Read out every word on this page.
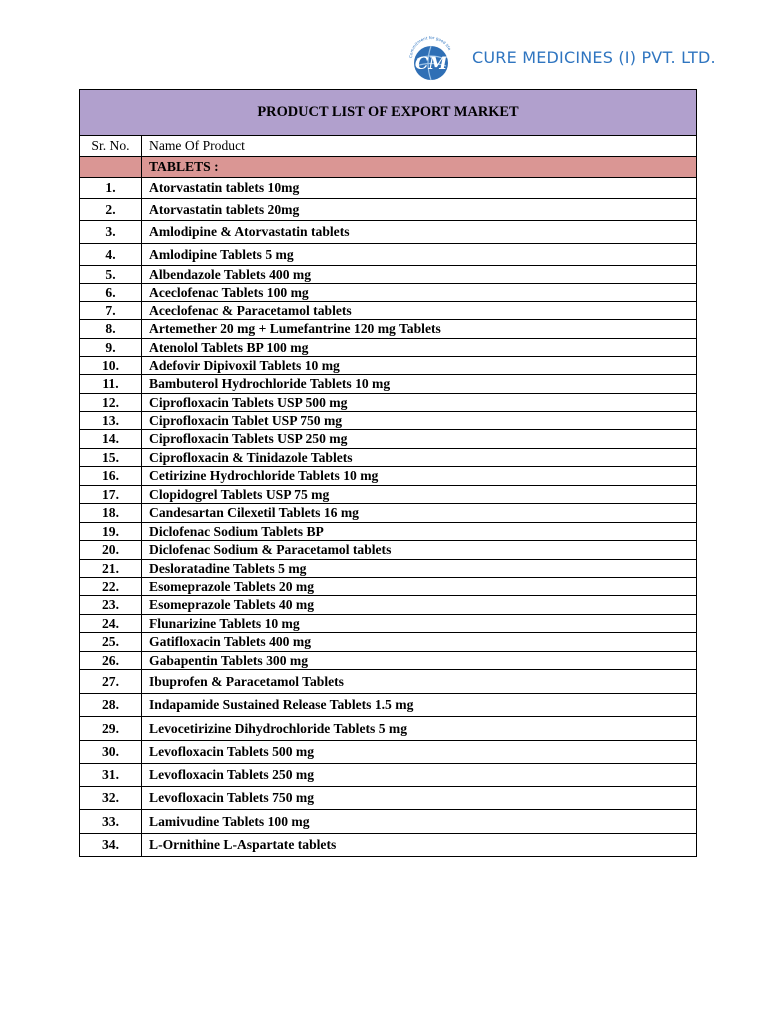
Commitment for good life
CM CURE MEDICINES (I) PVT. LTD.
PRODUCT LIST OF EXPORT MARKET	
Sr. No.	Name Of Product
	TABLETS :
1.	Atorvastatin tablets 10mg
2.	Atorvastatin tablets 20mg
3.	Amlodipine & Atorvastatin tablets
4.	Amlodipine Tablets 5 mg
5.	Albendazole Tablets 400 mg
6.	Aceclofenac Tablets 100 mg
7.	Aceclofenac & Paracetamol tablets
8.	Artemether 20 mg + Lumefantrine 120 mg Tablets
9.	Atenolol Tablets BP 100 mg
10.	Adefovir Dipivoxil Tablets 10 mg
11.	Bambuterol Hydrochloride Tablets 10 mg
12.	Ciprofloxacin Tablets USP 500 mg
13.	Ciprofloxacin Tablet USP 750 mg
14.	Ciprofloxacin Tablets USP 250 mg
15.	Ciprofloxacin & Tinidazole Tablets
16.	Cetirizine Hydrochloride Tablets 10 mg
17.	Clopidogrel Tablets USP 75 mg
18.	Candesartan Cilexetil Tablets 16 mg
19.	Diclofenac Sodium Tablets BP
20.	Diclofenac Sodium & Paracetamol tablets
21.	Desloratadine Tablets 5 mg
22.	Esomeprazole Tablets 20 mg
23.	Esomeprazole Tablets 40 mg
24.	Flunarizine Tablets 10 mg
25.	Gatifloxacin Tablets 400 mg
26.	Gabapentin Tablets 300 mg
27.	Ibuprofen & Paracetamol Tablets
28.	Indapamide Sustained Release Tablets 1.5 mg
29.	Levocetirizine Dihydrochloride Tablets 5 mg
30.	Levofloxacin Tablets 500 mg
31.	Levofloxacin Tablets 250 mg
32.	Levofloxacin Tablets 750 mg
33.	Lamivudine Tablets 100 mg
34.	L-Ornithine L-Aspartate tablets
